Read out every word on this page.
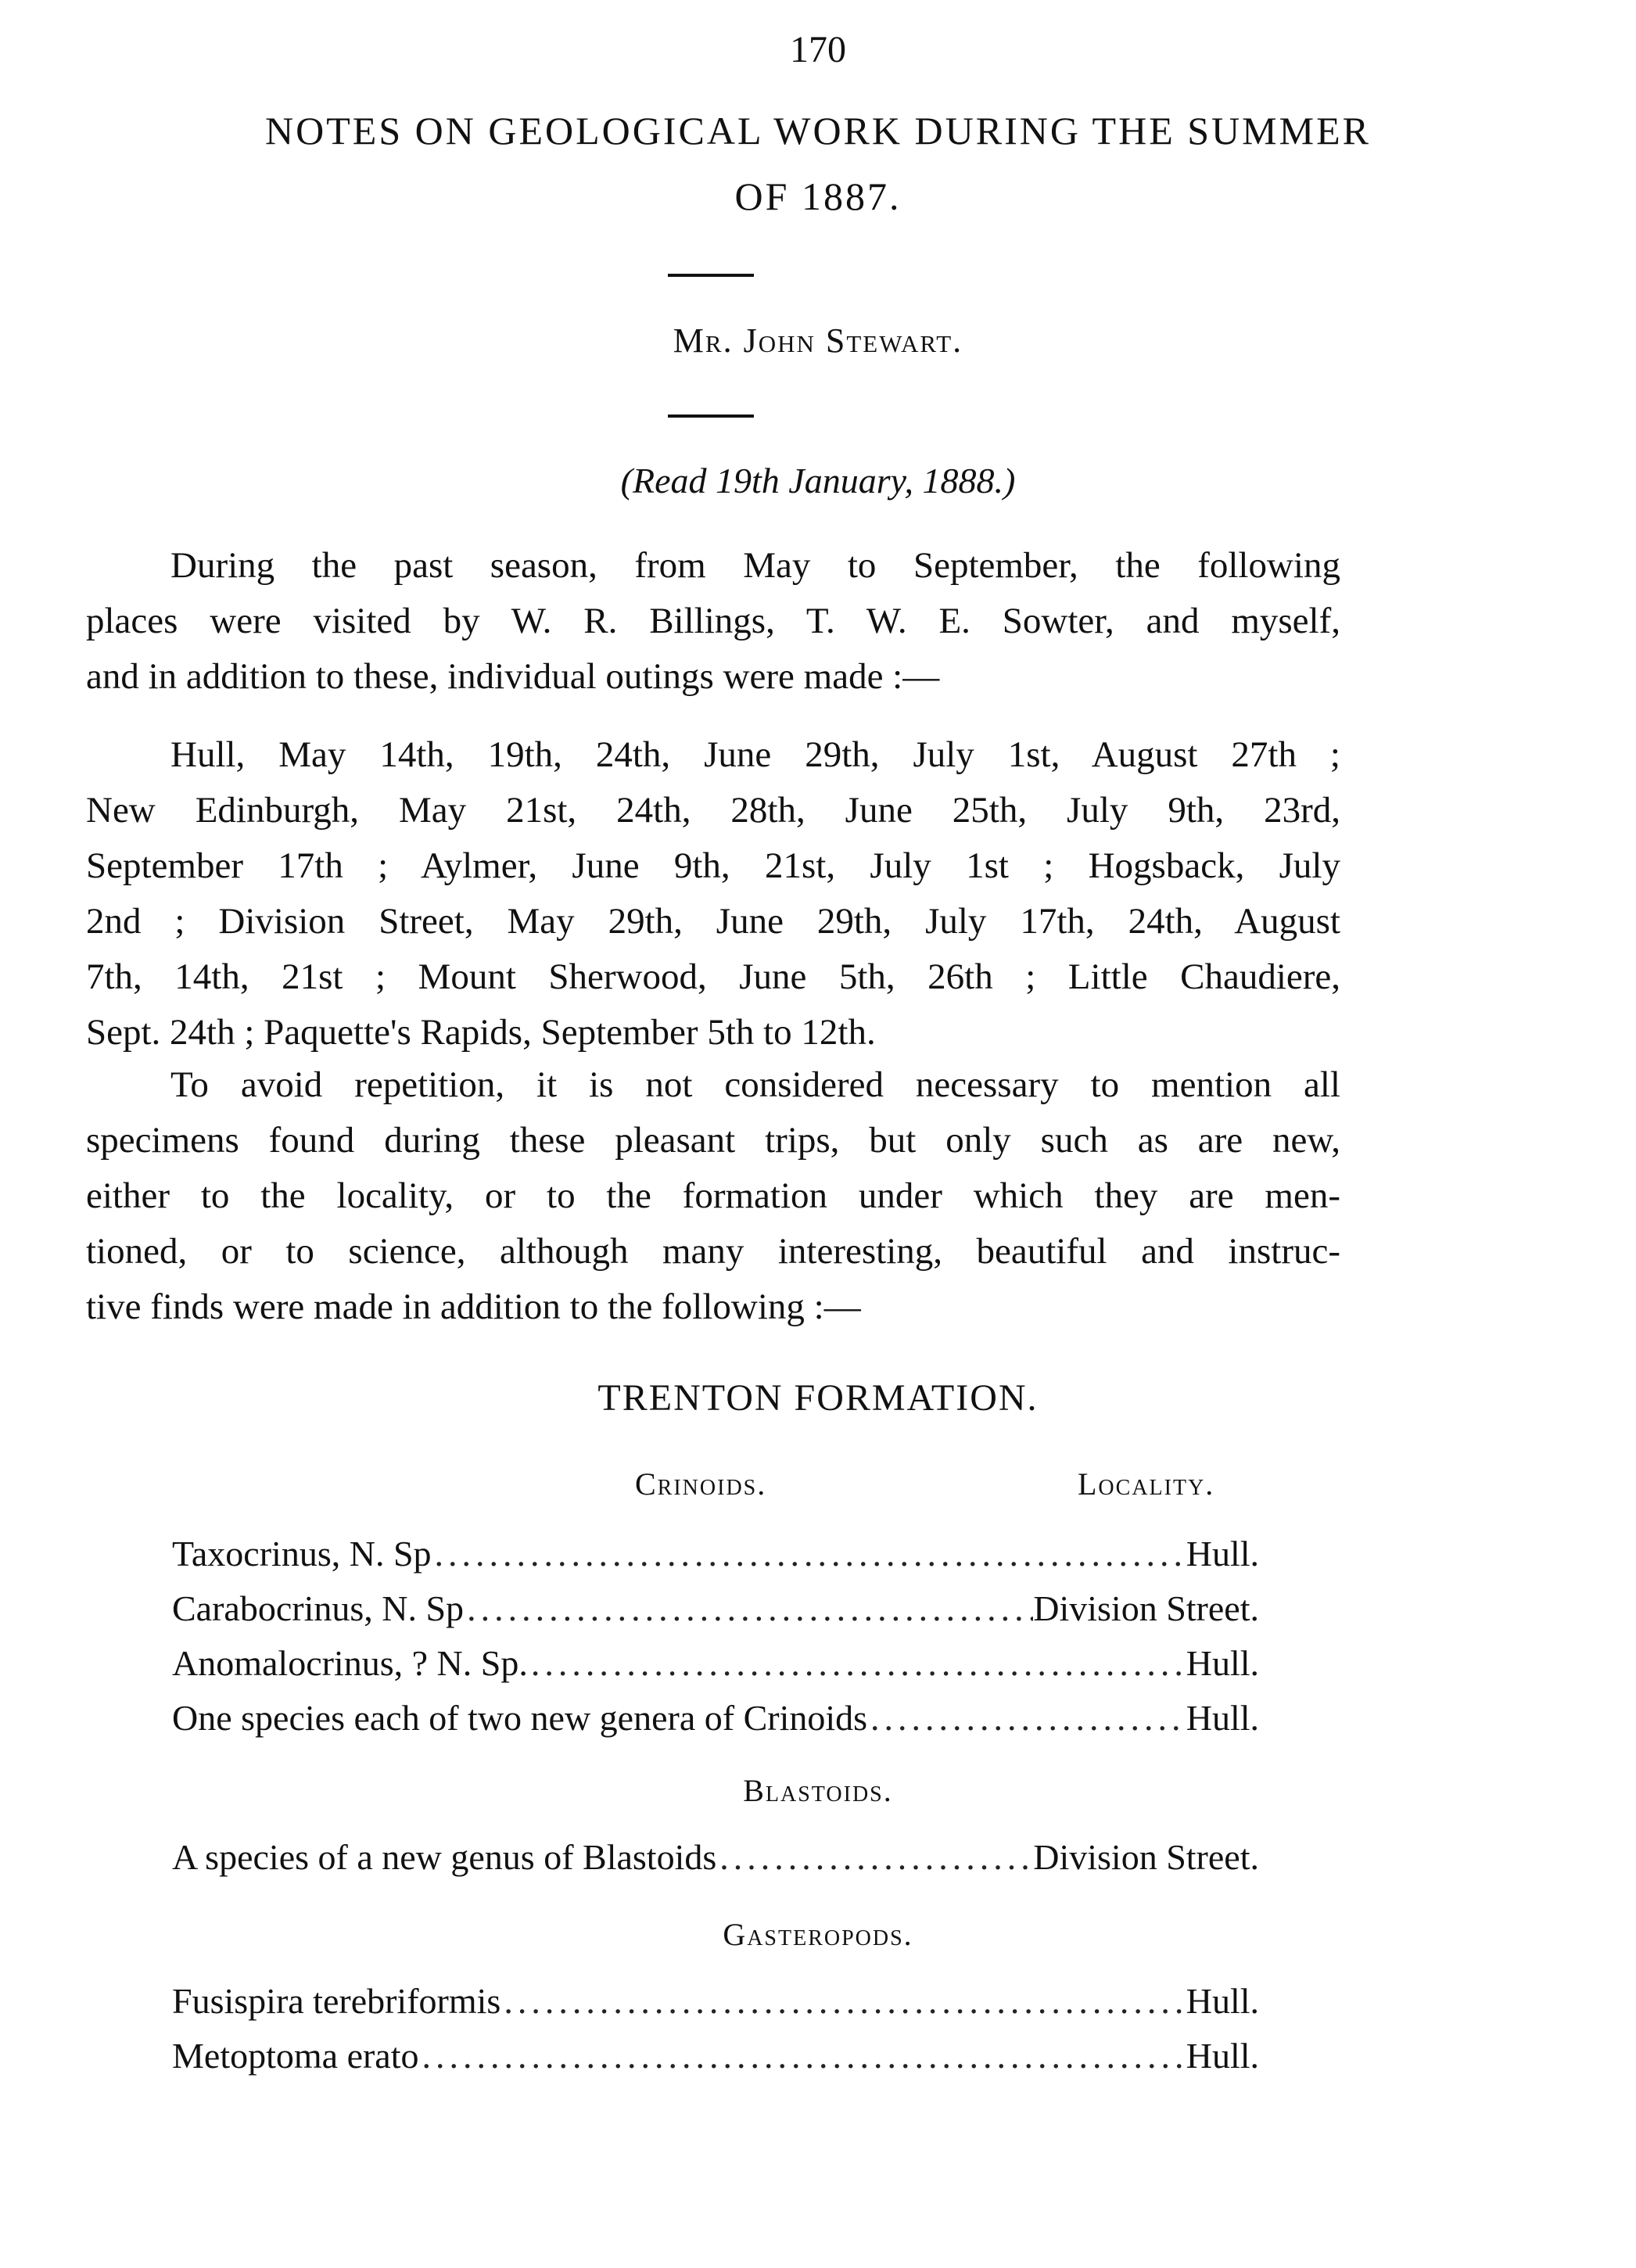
170
NOTES ON GEOLOGICAL WORK DURING THE SUMMER
OF 1887.
Mr. John Stewart.
(Read 19th January, 1888.)
During the past season, from May to September, the following
places were visited by W. R. Billings, T. W. E. Sowter, and myself,
and in addition to these, individual outings were made :—
Hull, May 14th, 19th, 24th, June 29th, July 1st, August 27th ;
New Edinburgh, May 21st, 24th, 28th, June 25th, July 9th, 23rd,
September 17th ; Aylmer, June 9th, 21st, July 1st ; Hogsback, July
2nd ; Division Street, May 29th, June 29th, July 17th, 24th, August
7th, 14th, 21st ; Mount Sherwood, June 5th, 26th ; Little Chaudiere,
Sept. 24th ; Paquette's Rapids, September 5th to 12th.
To avoid repetition, it is not considered necessary to mention all
specimens found during these pleasant trips, but only such as are new,
either to the locality, or to the formation under which they are men-
tioned, or to science, although many interesting, beautiful and instruc-
tive finds were made in addition to the following :—
TRENTON FORMATION.
Crinoids.	Locality.
Taxocrinus, N. Sp .....	Hull.
Carabocrinus, N. Sp .....	Division Street.
Anomalocrinus, ? N. Sp. .....	Hull.
One species each of two new genera of Crinoids .....	Hull.
Blastoids.
A species of a new genus of Blastoids .....	Division Street.
Gasteropods.
Fusispira terebriformis .....	Hull.
Metoptoma erato .....	Hull.
